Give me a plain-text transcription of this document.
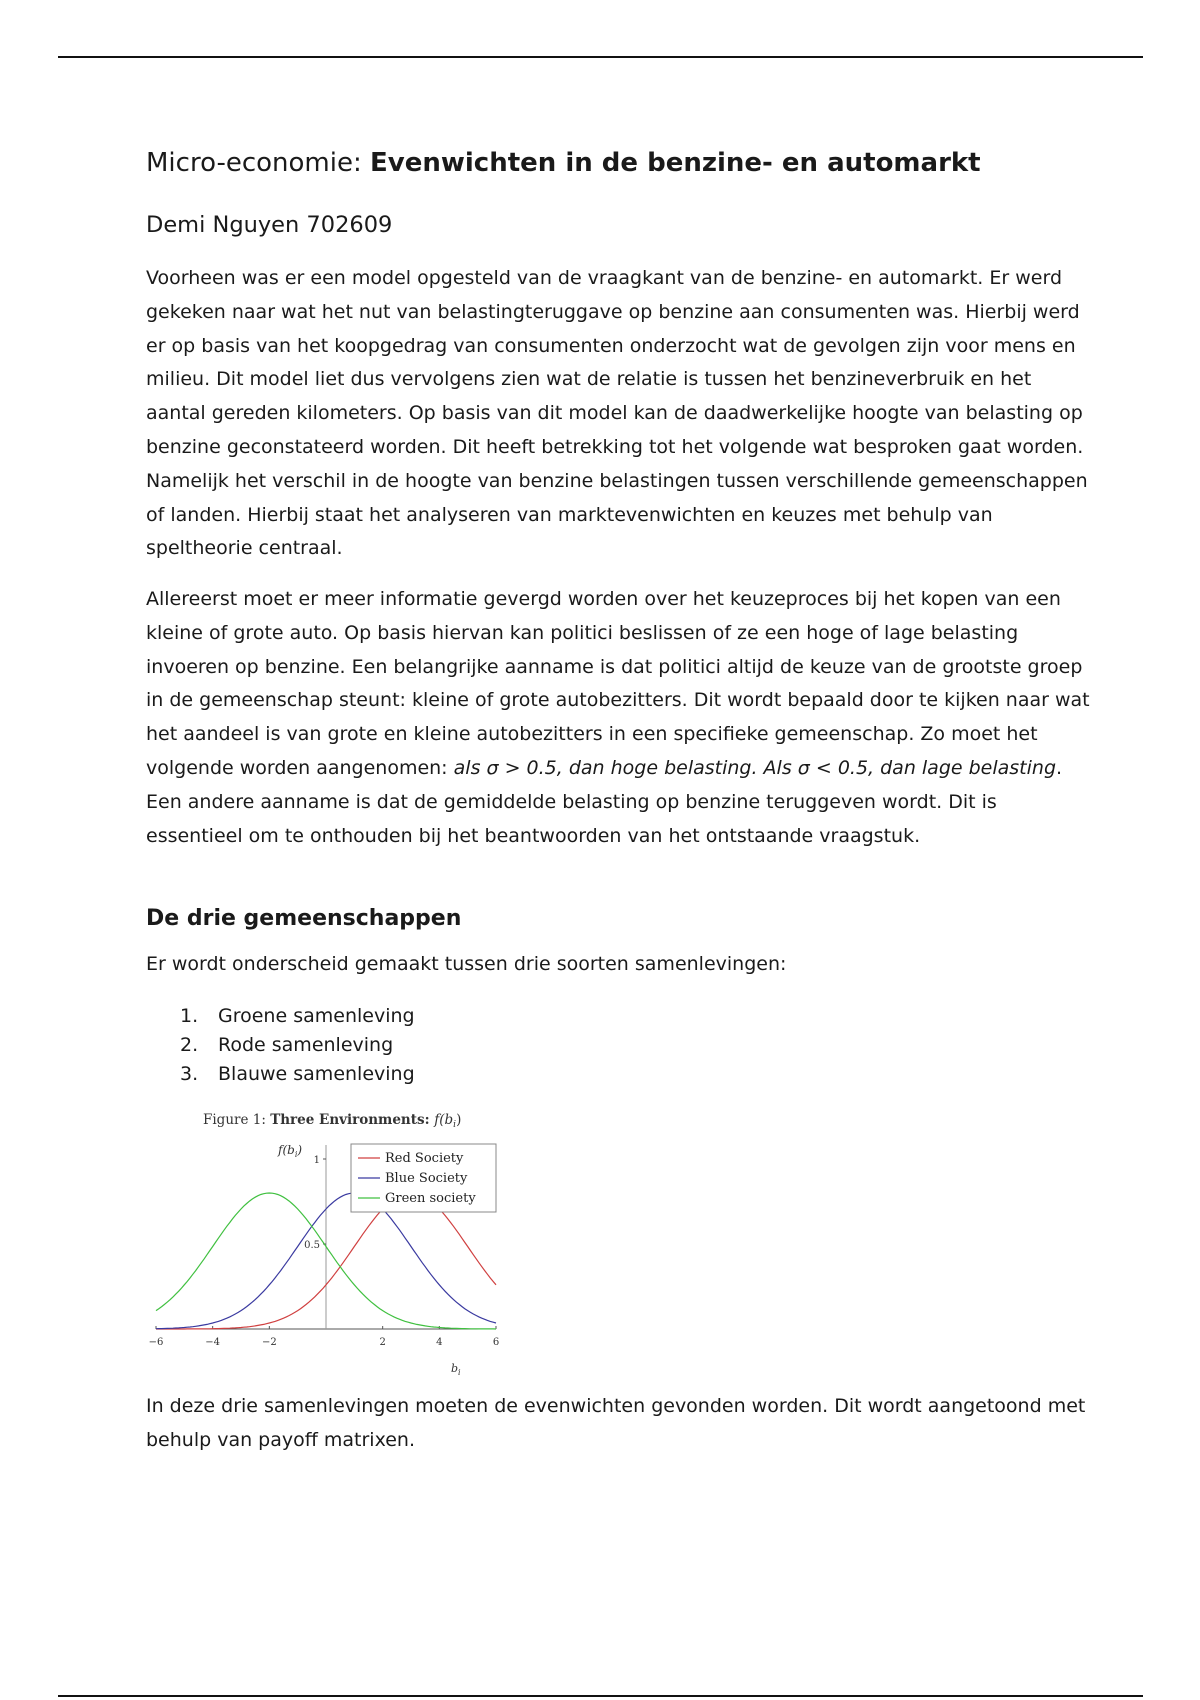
Micro-economie: Evenwichten in de benzine- en automarkt
Demi Nguyen 702609

Voorheen was er een model opgesteld van de vraagkant van de benzine- en automarkt. Er werd gekeken naar wat het nut van belastingteruggave op benzine aan consumenten was. Hierbij werd er op basis van het koopgedrag van consumenten onderzocht wat de gevolgen zijn voor mens en milieu. Dit model liet dus vervolgens zien wat de relatie is tussen het benzineverbruik en het aantal gereden kilometers. Op basis van dit model kan de daadwerkelijke hoogte van belasting op benzine geconstateerd worden. Dit heeft betrekking tot het volgende wat besproken gaat worden. Namelijk het verschil in de hoogte van benzine belastingen tussen verschillende gemeenschappen of landen. Hierbij staat het analyseren van marktevenwichten en keuzes met behulp van speltheorie centraal.

Allereerst moet er meer informatie gevergd worden over het keuzeproces bij het kopen van een kleine of grote auto. Op basis hiervan kan politici beslissen of ze een hoge of lage belasting invoeren op benzine. Een belangrijke aanname is dat politici altijd de keuze van de grootste groep in de gemeenschap steunt: kleine of grote autobezitters. Dit wordt bepaald door te kijken naar wat het aandeel is van grote en kleine autobezitters in een specifieke gemeenschap. Zo moet het volgende worden aangenomen: als σ > 0.5, dan hoge belasting. Als σ < 0.5, dan lage belasting. Een andere aanname is dat de gemiddelde belasting op benzine teruggeven wordt. Dit is essentieel om te onthouden bij het beantwoorden van het ontstaande vraagstuk.

De drie gemeenschappen
Er wordt onderscheid gemaakt tussen drie soorten samenlevingen:
1.	Groene samenleving
2.	Rode samenleving
3.	Blauwe samenleving
Figure 1: Three Environments: $f(b_i)$
$f(b_i)$
−6	−4	−2	2	4	6
1
0.5
$b_i$
Red Society
Blue Society
Green society

In deze drie samenlevingen moeten de evenwichten gevonden worden. Dit wordt aangetoond met behulp van payoff matrixen.
